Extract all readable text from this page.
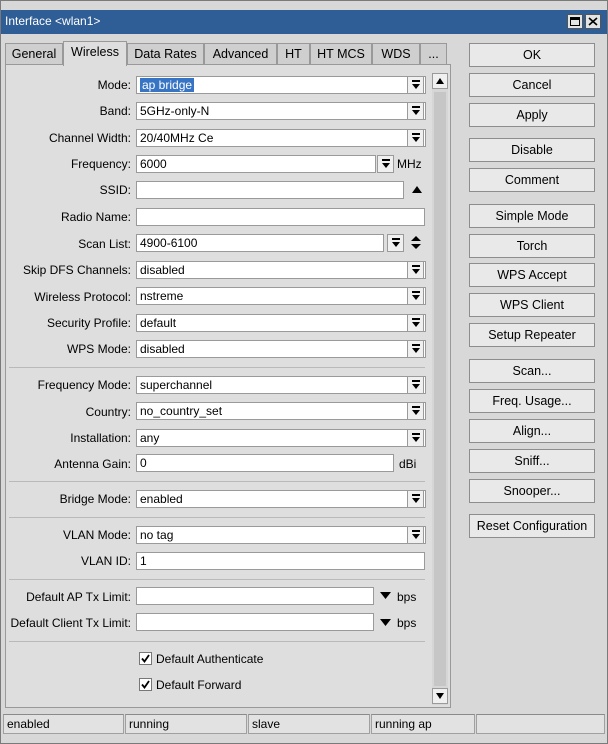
Interface <wlan1>
General	Wireless	Data Rates	Advanced	HT	HT MCS	WDS	...
Mode: ap bridge
Band: 5GHz-only-N
Channel Width: 20/40MHz Ce
Frequency: 6000	MHz
SSID:
Radio Name:
Scan List: 4900-6100
Skip DFS Channels: disabled
Wireless Protocol: nstreme
Security Profile: default
WPS Mode: disabled
Frequency Mode: superchannel
Country: no_country_set
Installation: any
Antenna Gain: 0	dBi
Bridge Mode: enabled
VLAN Mode: no tag
VLAN ID: 1
Default AP Tx Limit:	bps
Default Client Tx Limit:	bps
Default Authenticate
Default Forward
OK
Cancel
Apply
Disable
Comment
Simple Mode
Torch
WPS Accept
WPS Client
Setup Repeater
Scan...
Freq. Usage...
Align...
Sniff...
Snooper...
Reset Configuration
enabled	running	slave	running ap
